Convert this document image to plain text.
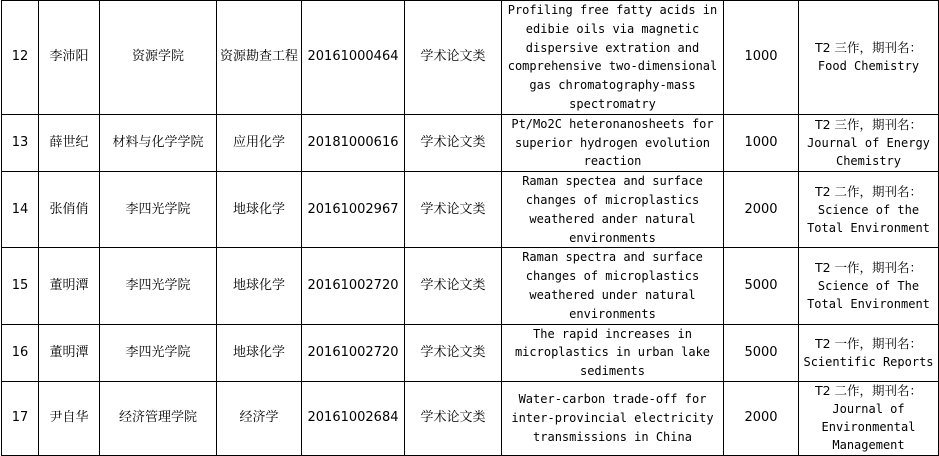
12	李沛阳	资源学院	资源勘查工程	20161000464	学术论文类	Profiling free fatty acids in edibie oils via magnetic dispersive extration and comprehensive two-dimensional gas chromatography-mass spectromatry	1000	T2 三作，期刊名：
Food Chemistry
13	薛世纪	材料与化学学院	应用化学	20181000616	学术论文类	Pt/Mo2C heteronanosheets for superior hydrogen evolution reaction	1000	T2 三作，期刊名：
Journal of Energy Chemistry
14	张俏俏	李四光学院	地球化学	20161002967	学术论文类	Raman spectea and surface changes of microplastics weathered ander natural environments	2000	T2 二作，期刊名：
Science of the Total Environment
15	董明潭	李四光学院	地球化学	20161002720	学术论文类	Raman spectra and surface changes of microplastics weathered under natural environments	5000	T2 一作，期刊名：
Science of The Total Environment
16	董明潭	李四光学院	地球化学	20161002720	学术论文类	The rapid increases in microplastics in urban lake sediments	5000	T2 一作，期刊名：
Scientific Reports
17	尹自华	经济管理学院	经济学	20161002684	学术论文类	Water-carbon trade-off for inter-provincial electricity transmissions in China	2000	T2 二作，期刊名：
Journal of Environmental Management
